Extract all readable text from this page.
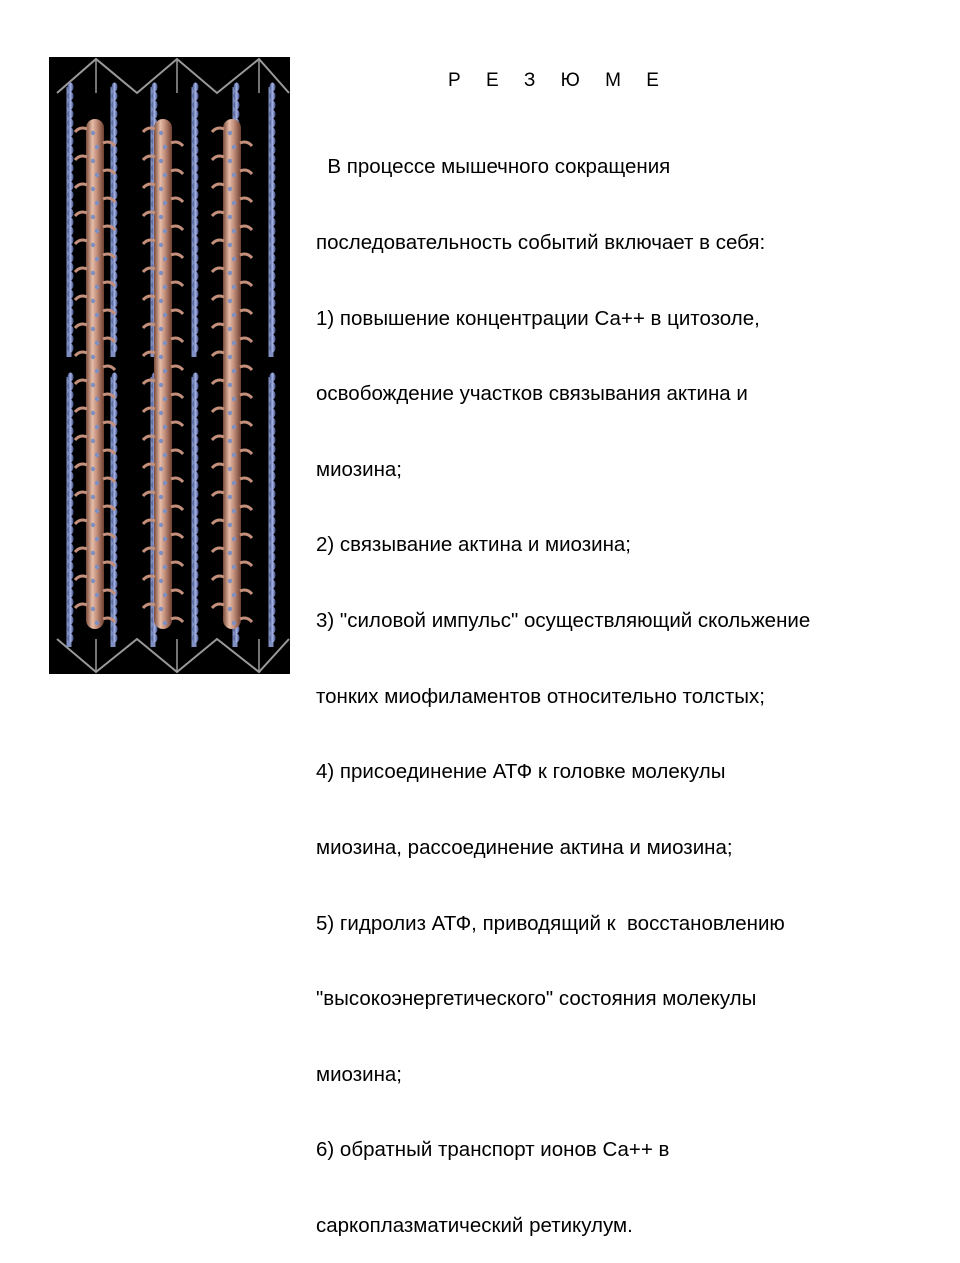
Р Е З Ю М Е

В процессе мышечного сокращения

последовательность событий включает в себя:

1) повышение концентрации Са++ в цитозоле,

освобождение участков связывания актина и

миозина;

2) связывание актина и миозина;

3) "силовой импульс" осуществляющий скольжение

тонких миофиламентов относительно толстых;

4) присоединение АТФ к головке молекулы

миозина, рассоединение актина и миозина;

5) гидролиз АТФ, приводящий к  восстановлению

"высокоэнергетического" состояния молекулы

миозина;

6) обратный транспорт ионов Са++ в

саркоплазматический ретикулум.
